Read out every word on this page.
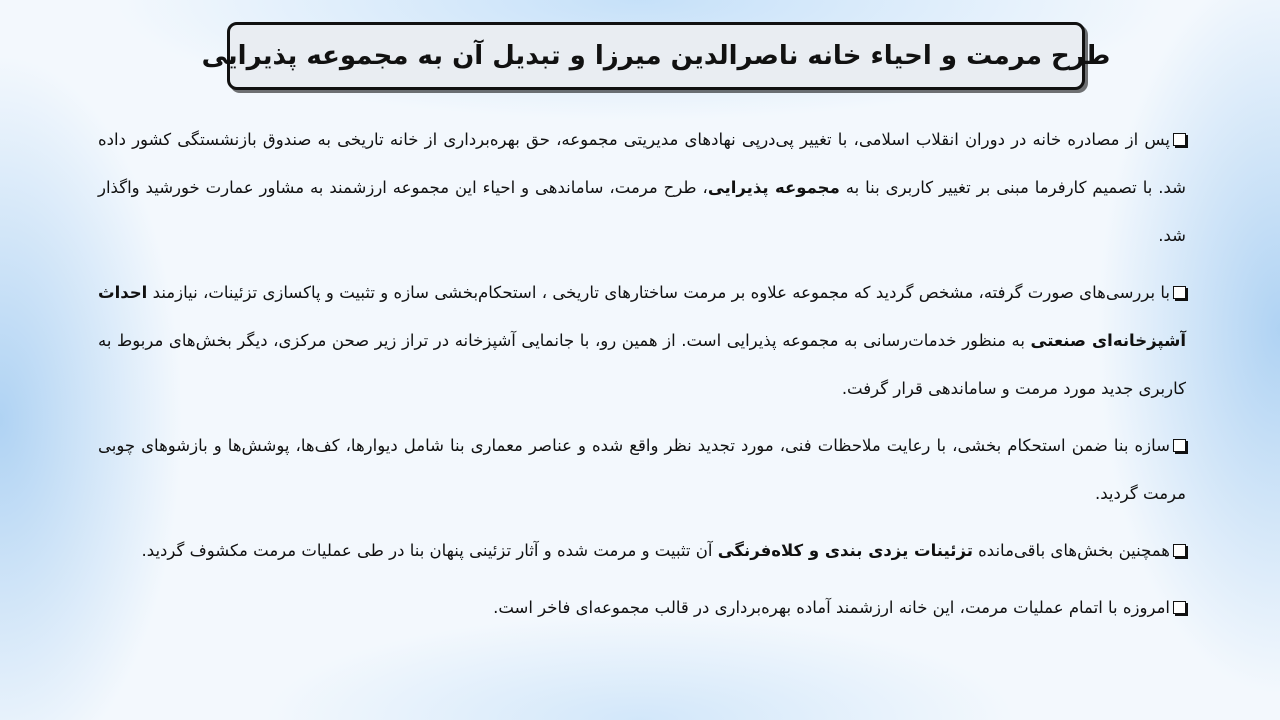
طرح مرمت و احیاء خانه ناصرالدین میرزا و تبدیل آن به مجموعه پذیرایی

پس از مصادره خانه در دوران انقلاب اسلامی، با تغییر پی‌درپی نهادهای مدیریتی مجموعه، حق بهره‌برداری از خانه تاریخی به صندوق بازنشستگی کشور داده شد. با تصمیم کارفرما مبنی بر تغییر کاربری بنا به مجموعه پذیرایی، طرح مرمت، ساماندهی و احیاء این مجموعه ارزشمند به مشاور عمارت خورشید واگذار شد.

با بررسی‌های صورت گرفته، مشخص گردید که مجموعه علاوه بر مرمت ساختارهای تاریخی ، استحکام‌بخشی سازه و تثبیت و پاکسازی تزئینات، نیازمند احداث آشپزخانه‌ای صنعتی به منظور خدمات‌رسانی به مجموعه پذیرایی است. از همین رو، با جانمایی آشپزخانه در تراز زیر صحن مرکزی، دیگر بخش‌های مربوط به کاربری جدید مورد مرمت و ساماندهی قرار گرفت.

سازه بنا ضمن استحکام بخشی، با رعایت ملاحظات فنی، مورد تجدید نظر واقع شده و عناصر معماری بنا شامل دیوارها، کف‌ها، پوشش‌ها و بازشوهای چوبی مرمت گردید.

همچنین بخش‌های باقی‌مانده تزئینات یزدی بندی و کلاه‌فرنگی آن تثبیت و مرمت شده و آثار تزئینی پنهان بنا در طی عملیات مرمت مکشوف گردید.

امروزه با اتمام عملیات مرمت، این خانه ارزشمند آماده بهره‌برداری در قالب مجموعه‌ای فاخر است.
